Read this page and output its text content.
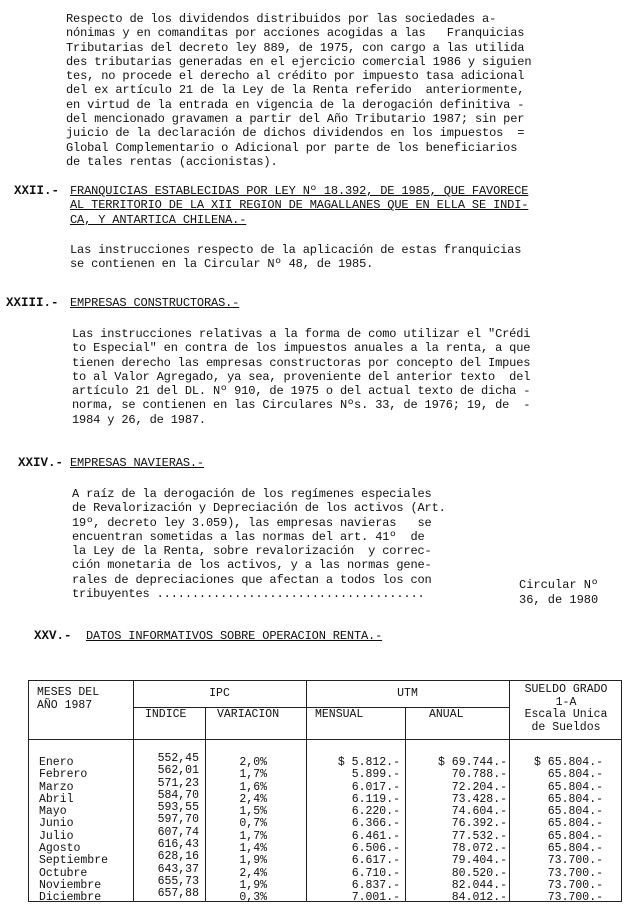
Respecto de los dividendos distribuidos por las sociedades a-
nónimas y en comanditas por acciones acogidas a las   Franquicias
Tributarias del decreto ley 889, de 1975, con cargo a las utilida
des tributarias generadas en el ejercicio comercial 1986 y siguien
tes, no procede el derecho al crédito por impuesto tasa adicional
del ex artículo 21 de la Ley de la Renta referido  anteriormente,
en virtud de la entrada en vigencia de la derogación definitiva -
del mencionado gravamen a partir del Año Tributario 1987; sin per
juicio de la declaración de dichos dividendos en los impuestos  =
Global Complementario o Adicional por parte de los beneficiarios
de tales rentas (accionistas).
XXII.- FRANQUICIAS ESTABLECIDAS POR LEY Nº 18.392, DE 1985, QUE FAVORECE
AL TERRITORIO DE LA XII REGION DE MAGALLANES QUE EN ELLA SE INDI-
CA, Y ANTARTICA CHILENA.-
Las instrucciones respecto de la aplicación de estas franquicias
se contienen en la Circular Nº 48, de 1985.
XXIII.- EMPRESAS CONSTRUCTORAS.-
Las instrucciones relativas a la forma de como utilizar el "Crédi
to Especial" en contra de los impuestos anuales a la renta, a que
tienen derecho las empresas constructoras por concepto del Impues
to al Valor Agregado, ya sea, proveniente del anterior texto  del
artículo 21 del DL. Nº 910, de 1975 o del actual texto de dicha -
norma, se contienen en las Circulares Nºs. 33, de 1976; 19, de  -
1984 y 26, de 1987.
XXIV.- EMPRESAS NAVIERAS.-
A raíz de la derogación de los regímenes especiales
de Revalorización y Depreciación de los activos (Art.
19º, decreto ley 3.059), las empresas navieras   se
encuentran sometidas a las normas del art. 41º  de
la Ley de la Renta, sobre revalorización  y correc-
ción monetaria de los activos, y a las normas gene-
rales de depreciaciones que afectan a todos los con
tribuyentes ......................................
Circular Nº
36, de 1980
XXV.- DATOS INFORMATIVOS SOBRE OPERACION RENTA.-
MESES DEL
AÑO 1987
IPC
INDICE	VARIACION
UTM
MENSUAL	ANUAL
SUELDO GRADO
1-A
Escala Unica
de Sueldos
Enero
Febrero
Marzo
Abril
Mayo
Junio
Julio
Agosto
Septiembre
Octubre
Noviembre
Diciembre
552,45
562,01
571,23
584,70
593,55
597,70
607,74
616,43
628,16
643,37
655,73
657,88
2,0%
1,7%
1,6%
2,4%
1,5%
0,7%
1,7%
1,4%
1,9%
2,4%
1,9%
0,3%
$ 5.812.-
5.899.-
6.017.-
6.119.-
6.220.-
6.366.-
6.461.-
6.506.-
6.617.-
6.710.-
6.837.-
7.001.-
$ 69.744.-
70.788.-
72.204.-
73.428.-
74.604.-
76.392.-
77.532.-
78.072.-
79.404.-
80.520.-
82.044.-
84.012.-
$ 65.804.-
65.804.-
65.804.-
65.804.-
65.804.-
65.804.-
65.804.-
65.804.-
73.700.-
73.700.-
73.700.-
73.700.-
